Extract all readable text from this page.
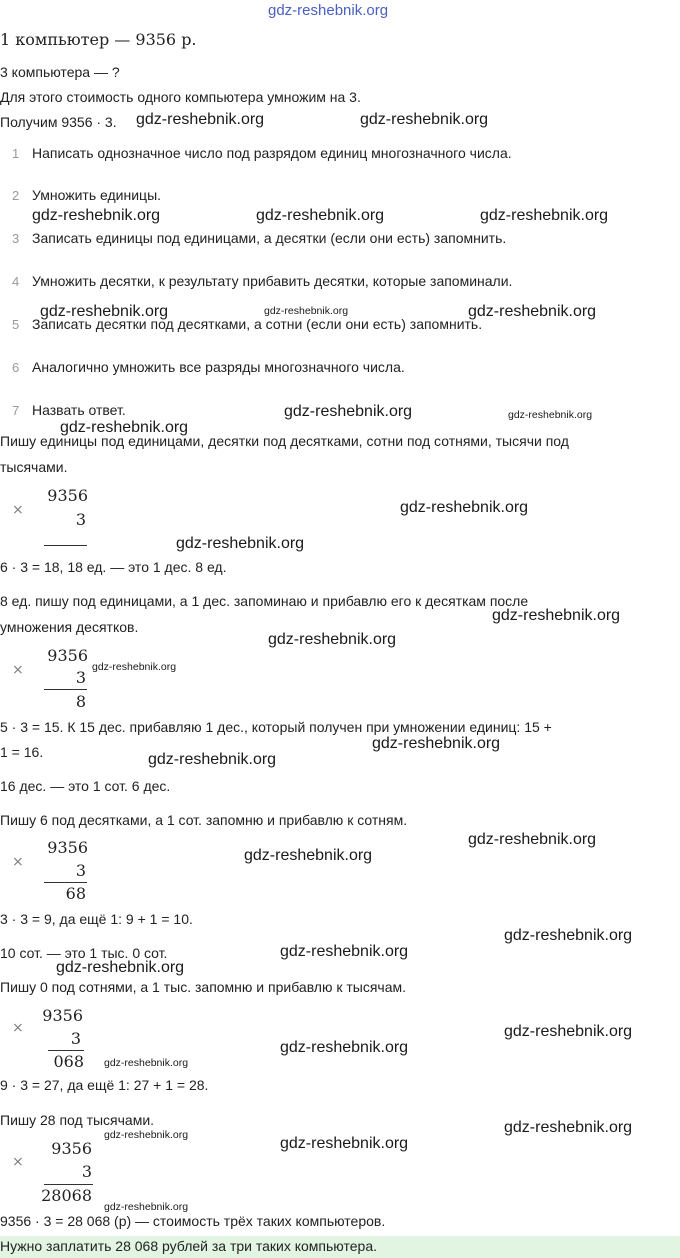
gdz-reshebnik.org
1 компьютер — 9356 р.
3 компьютера — ?
Для этого стоимость одного компьютера умножим на 3.
Получим 9356 · 3.
1 Написать однозначное число под разрядом единиц многозначного числа.
2 Умножить единицы.
3 Записать единицы под единицами, а десятки (если они есть) запомнить.
4 Умножить десятки, к результату прибавить десятки, которые запоминали.
5 Записать десятки под десятками, а сотни (если они есть) запомнить.
6 Аналогично умножить все разряды многозначного числа.
7 Назвать ответ.
Пишу единицы под единицами, десятки под десятками, сотни под сотнями, тысячи под
тысячами.
×
9356
3
6 · 3 = 18, 18 ед. — это 1 дес. 8 ед.
8 ед. пишу под единицами, а 1 дес. запоминаю и прибавлю его к десяткам после
умножения десятков.
×
9356
3
8
5 · 3 = 15. К 15 дес. прибавляю 1 дес., который получен при умножении единиц: 15 +
1 = 16.
16 дес. — это 1 сот. 6 дес.
Пишу 6 под десятками, а 1 сот. запомню и прибавлю к сотням.
×
9356
3
68
3 · 3 = 9, да ещё 1: 9 + 1 = 10.
10 сот. — это 1 тыс. 0 сот.
Пишу 0 под сотнями, а 1 тыс. запомню и прибавлю к тысячам.
×
9356
3
068
9 · 3 = 27, да ещё 1: 27 + 1 = 28.
Пишу 28 под тысячами.
×
9356
3
28068
9356 · 3 = 28 068 (р) — стоимость трёх таких компьютеров.
Нужно заплатить 28 068 рублей за три таких компьютера.
gdz-reshebnik.org	gdz-reshebnik.org
gdz-reshebnik.org	gdz-reshebnik.org	gdz-reshebnik.org
gdz-reshebnik.org	gdz-reshebnik.org	gdz-reshebnik.org
gdz-reshebnik.org	gdz-reshebnik.org
gdz-reshebnik.org
gdz-reshebnik.org
gdz-reshebnik.org
gdz-reshebnik.org
gdz-reshebnik.org
gdz-reshebnik.org
gdz-reshebnik.org
gdz-reshebnik.org
gdz-reshebnik.org
gdz-reshebnik.org
gdz-reshebnik.org
gdz-reshebnik.org
gdz-reshebnik.org
gdz-reshebnik.org
gdz-reshebnik.org
gdz-reshebnik.org
gdz-reshebnik.org
gdz-reshebnik.org
gdz-reshebnik.org
gdz-reshebnik.org
